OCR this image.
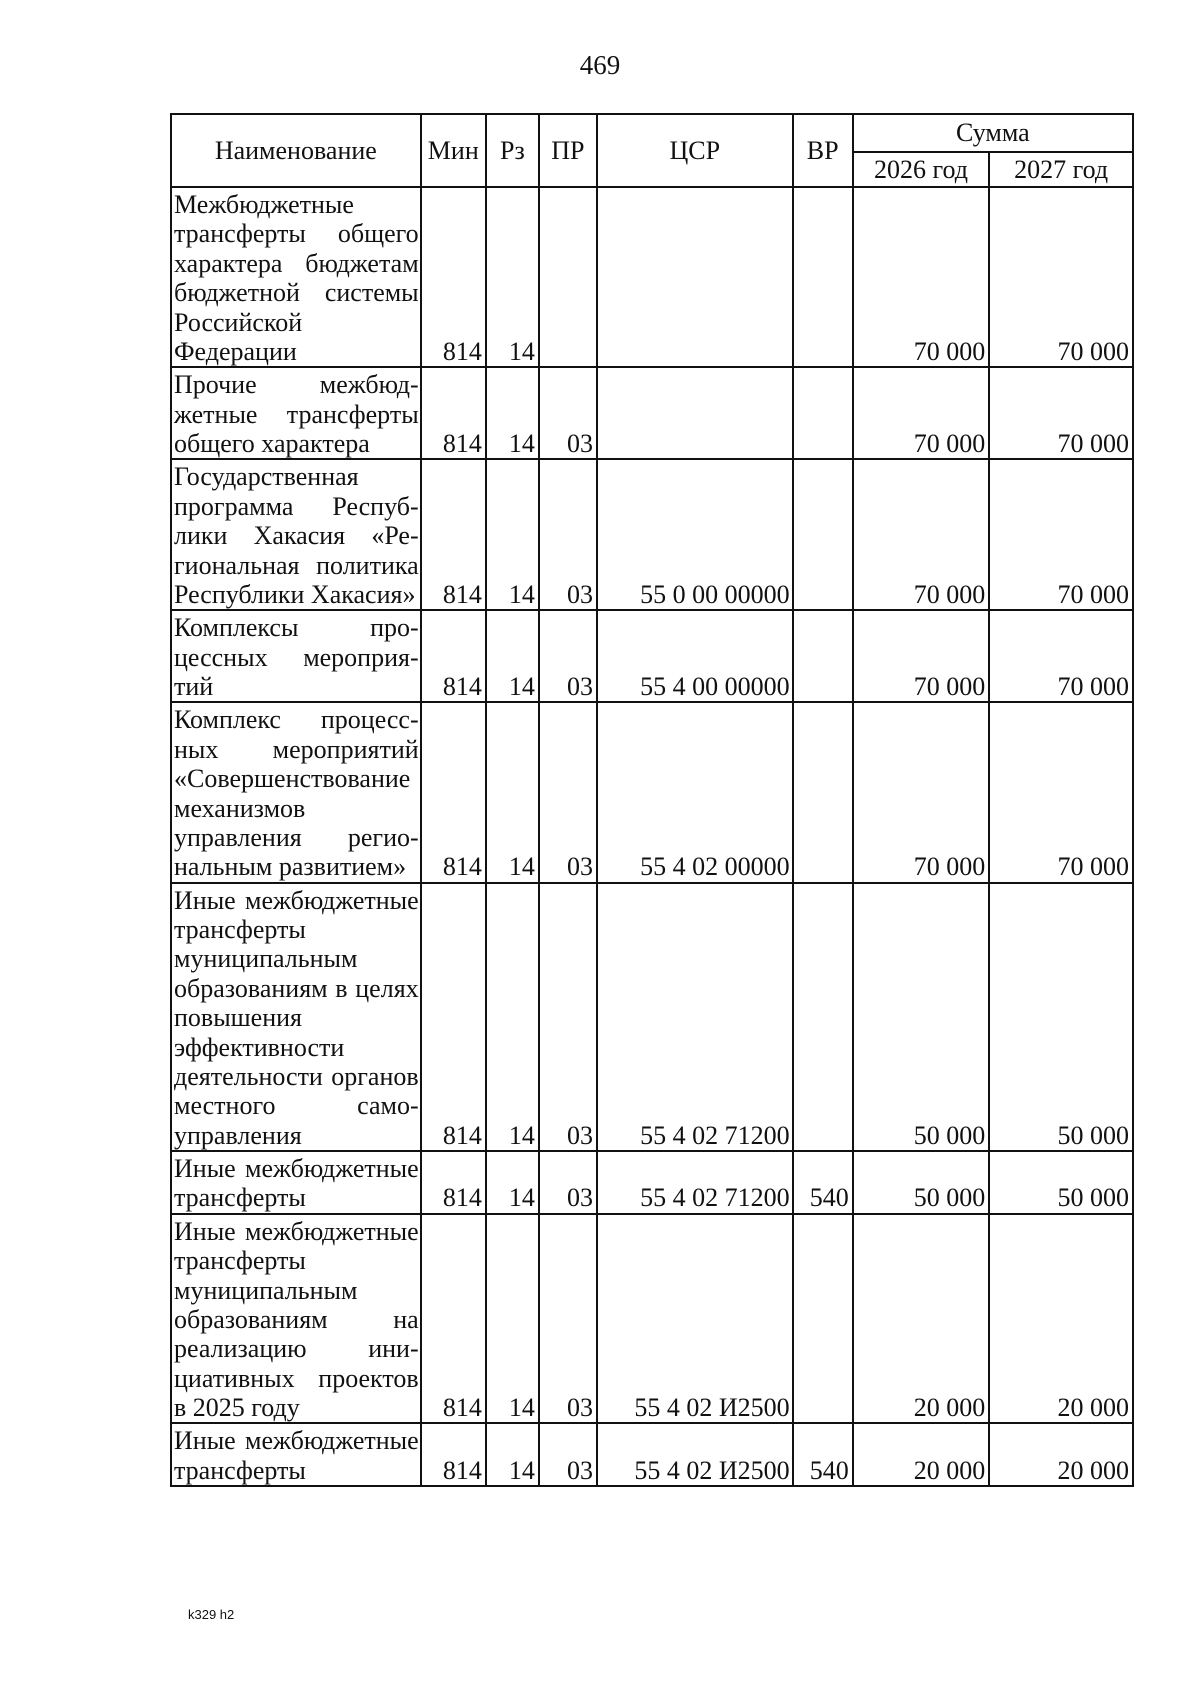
469
Наименование	Мин	Рз	ПР	ЦСР	ВР	Сумма	
						2026 год	2027 год
Межбюджетные трансферты общего характера бюджетам бюджетной системы Российской Федерации	814	14				70 000	70 000
Прочие межбюджетные трансферты общего характера	814	14	03			70 000	70 000
Государственная программа Республики Хакасия «Региональная политика Республики Хакасия»	814	14	03	55 0 00 00000		70 000	70 000
Комплексы процессных мероприятий	814	14	03	55 4 00 00000		70 000	70 000
Комплекс процессных мероприятий «Совершенствование механизмов управления региональным развитием»	814	14	03	55 4 02 00000		70 000	70 000
Иные межбюджетные трансферты муниципальным образованиям в целях повышения эффективности деятельности органов местного самоуправления	814	14	03	55 4 02 71200		50 000	50 000
Иные межбюджетные трансферты	814	14	03	55 4 02 71200	540	50 000	50 000
Иные межбюджетные трансферты муниципальным образованиям на реализацию инициативных проектов в 2025 году	814	14	03	55 4 02 И2500		20 000	20 000
Иные межбюджетные трансферты	814	14	03	55 4 02 И2500	540	20 000	20 000
k329 h2
